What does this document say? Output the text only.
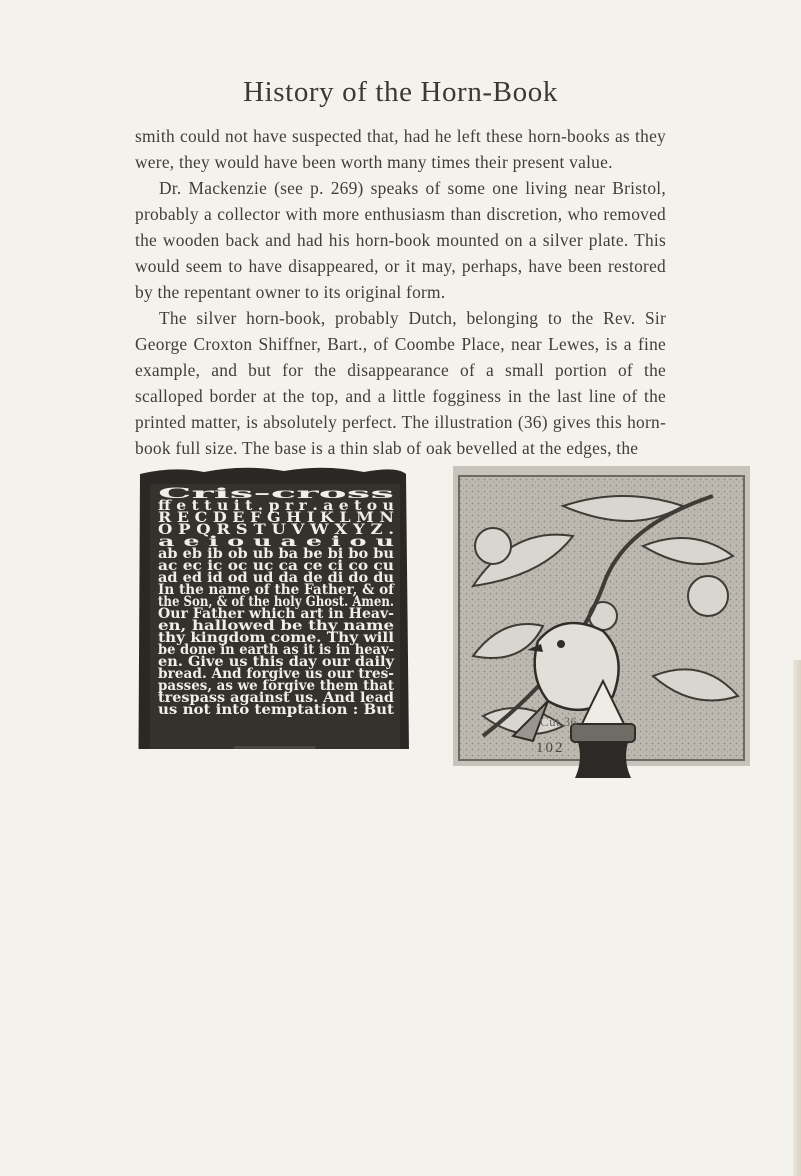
History of the Horn-Book

smith could not have suspected that, had he left these horn-books as they were, they would have been worth many times their present value.

Dr. Mackenzie (see p. 269) speaks of some one living near Bristol, probably a collector with more enthusiasm than discretion, who removed the wooden back and had his horn-book mounted on a silver plate. This would seem to have disappeared, or it may, perhaps, have been restored by the repentant owner to its original form.

The silver horn-book, probably Dutch, belonging to the Rev. Sir George Croxton Shiffner, Bart., of Coombe Place, near Lewes, is a fine example, and but for the disappearance of a small portion of the scalloped border at the top, and a little fogginess in the last line of the printed matter, is absolutely perfect. The illustration (36) gives this horn-book full size. The base is a thin slab of oak bevelled at the edges, the

Cris-cross
ff e t t u i t . p r r . a e t o u
R E C D E F G H I K L M N
O P Q R S T U V W X Y Z .
a e i o u a e i o u
ab eb ib ob ub ba be bi bo bu
ac ec ic oc uc ca ce ci co cu
ad ed id od ud da de di do du
In the name of the Father, & of
the Son, & of the holy Ghost. Amen.
Our Father which art in Heav-
en, hallowed be thy name
thy kingdom come. Thy will
be done in earth as it is in heav-
en. Give us this day our daily
bread. And forgive us our tres-
passes, as we forgive them that
trespass against us. And lead
us not into temptation : But
Cut 36.
102
